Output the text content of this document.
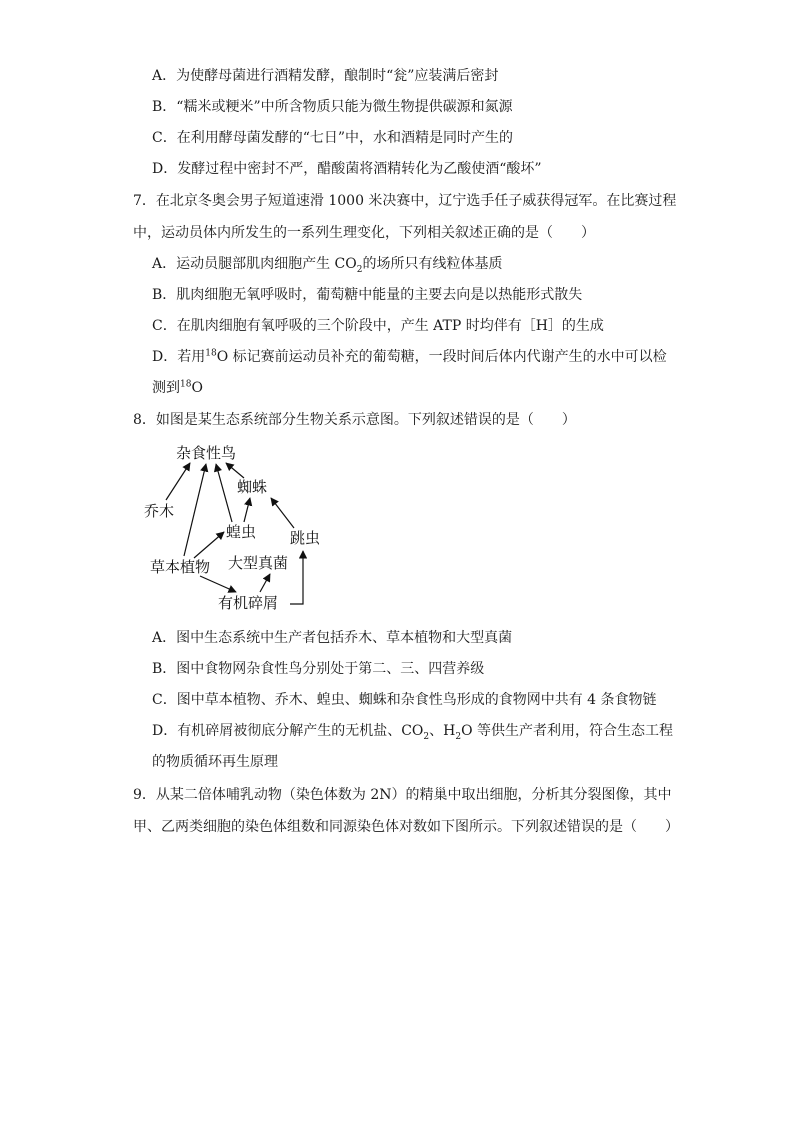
A．为使酵母菌进行酒精发酵，酿制时“瓮”应装满后密封
B．“糯米或粳米”中所含物质只能为微生物提供碳源和氮源
C．在利用酵母菌发酵的“七日”中，水和酒精是同时产生的
D．发酵过程中密封不严，醋酸菌将酒精转化为乙酸使酒“酸坏”
7．在北京冬奥会男子短道速滑 1000 米决赛中，辽宁选手任子威获得冠军。在比赛过程
中，运动员体内所发生的一系列生理变化，下列相关叙述正确的是（　　）
A．运动员腿部肌肉细胞产生 $CO_2$的场所只有线粒体基质
B．肌肉细胞无氧呼吸时，葡萄糖中能量的主要去向是以热能形式散失
C．在肌肉细胞有氧呼吸的三个阶段中，产生 ATP 时均伴有［H］的生成
D．若用$^{18}$O 标记赛前运动员补充的葡萄糖，一段时间后体内代谢产生的水中可以检
测到$^{18}$O
8．如图是某生态系统部分生物关系示意图。下列叙述错误的是（　　）
杂食性鸟
蜘蛛
乔木
蝗虫 跳虫
草本植物 大型真菌
有机碎屑
A．图中生态系统中生产者包括乔木、草本植物和大型真菌
B．图中食物网杂食性鸟分别处于第二、三、四营养级
C．图中草本植物、乔木、蝗虫、蜘蛛和杂食性鸟形成的食物网中共有 4 条食物链
D．有机碎屑被彻底分解产生的无机盐、$CO_2$、$H_2O$ 等供生产者利用，符合生态工程
的物质循环再生原理
9．从某二倍体哺乳动物（染色体数为 2N）的精巢中取出细胞，分析其分裂图像，其中
甲、乙两类细胞的染色体组数和同源染色体对数如下图所示。下列叙述错误的是（　　）
